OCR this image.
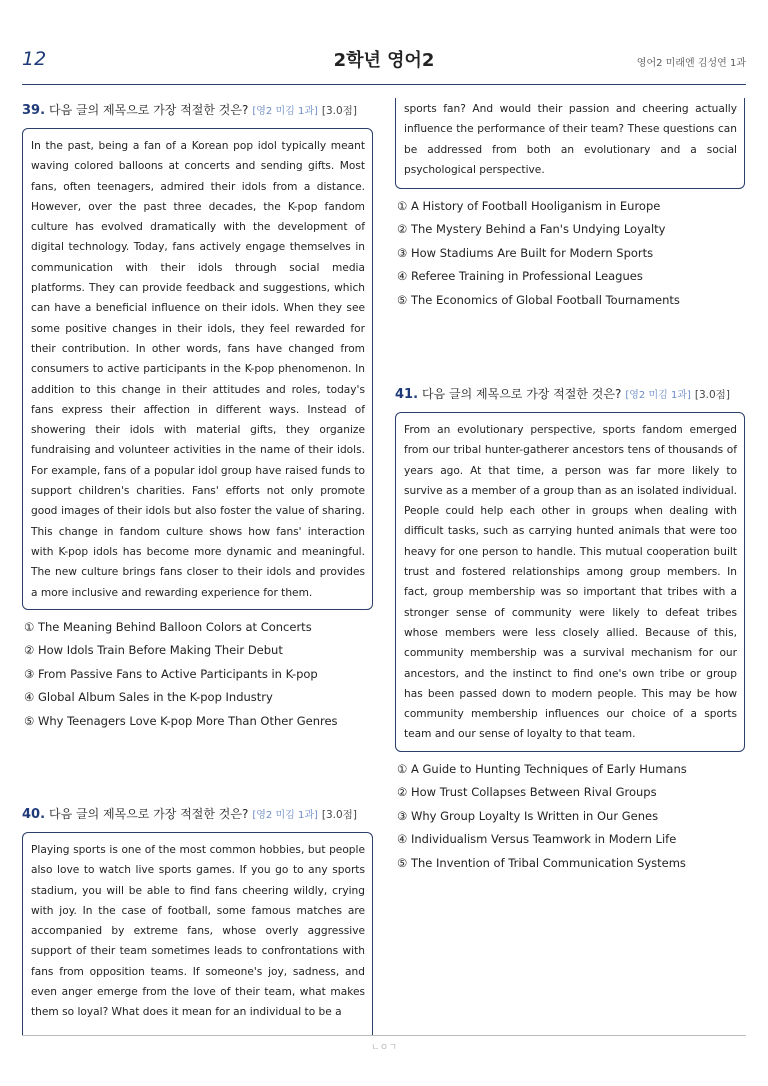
12	2학년 영어2	영어2 미래엔 김성연 1과
39. 다음 글의 제목으로 가장 적절한 것은? [영2 미김 1과] [3.0점]
In the past, being a fan of a Korean pop idol typically meant waving colored balloons at concerts and sending gifts. Most fans, often teenagers, admired their idols from a distance. However, over the past three decades, the K-pop fandom culture has evolved dramatically with the development of digital technology. Today, fans actively engage themselves in communication with their idols through social media platforms. They can provide feedback and suggestions, which can have a beneficial influence on their idols. When they see some positive changes in their idols, they feel rewarded for their contribution. In other words, fans have changed from consumers to active participants in the K-pop phenomenon. In addition to this change in their attitudes and roles, today's fans express their affection in different ways. Instead of showering their idols with material gifts, they organize fundraising and volunteer activities in the name of their idols. For example, fans of a popular idol group have raised funds to support children's charities. Fans' efforts not only promote good images of their idols but also foster the value of sharing. This change in fandom culture shows how fans' interaction with K-pop idols has become more dynamic and meaningful. The new culture brings fans closer to their idols and provides a more inclusive and rewarding experience for them.
① The Meaning Behind Balloon Colors at Concerts
② How Idols Train Before Making Their Debut
③ From Passive Fans to Active Participants in K-pop
④ Global Album Sales in the K-pop Industry
⑤ Why Teenagers Love K-pop More Than Other Genres
40. 다음 글의 제목으로 가장 적절한 것은? [영2 미김 1과] [3.0점]
Playing sports is one of the most common hobbies, but people also love to watch live sports games. If you go to any sports stadium, you will be able to find fans cheering wildly, crying with joy. In the case of football, some famous matches are accompanied by extreme fans, whose overly aggressive support of their team sometimes leads to confrontations with fans from opposition teams. If someone's joy, sadness, and even anger emerge from the love of their team, what makes them so loyal? What does it mean for an individual to be a
sports fan? And would their passion and cheering actually influence the performance of their team? These questions can be addressed from both an evolutionary and a social psychological perspective.
① A History of Football Hooliganism in Europe
② The Mystery Behind a Fan's Undying Loyalty
③ How Stadiums Are Built for Modern Sports
④ Referee Training in Professional Leagues
⑤ The Economics of Global Football Tournaments
41. 다음 글의 제목으로 가장 적절한 것은? [영2 미김 1과] [3.0점]
From an evolutionary perspective, sports fandom emerged from our tribal hunter-gatherer ancestors tens of thousands of years ago. At that time, a person was far more likely to survive as a member of a group than as an isolated individual. People could help each other in groups when dealing with difficult tasks, such as carrying hunted animals that were too heavy for one person to handle. This mutual cooperation built trust and fostered relationships among group members. In fact, group membership was so important that tribes with a stronger sense of community were likely to defeat tribes whose members were less closely allied. Because of this, community membership was a survival mechanism for our ancestors, and the instinct to find one's own tribe or group has been passed down to modern people. This may be how community membership influences our choice of a sports team and our sense of loyalty to that team.
① A Guide to Hunting Techniques of Early Humans
② How Trust Collapses Between Rival Groups
③ Why Group Loyalty Is Written in Our Genes
④ Individualism Versus Teamwork in Modern Life
⑤ The Invention of Tribal Communication Systems
ㄴㅇㄱ
